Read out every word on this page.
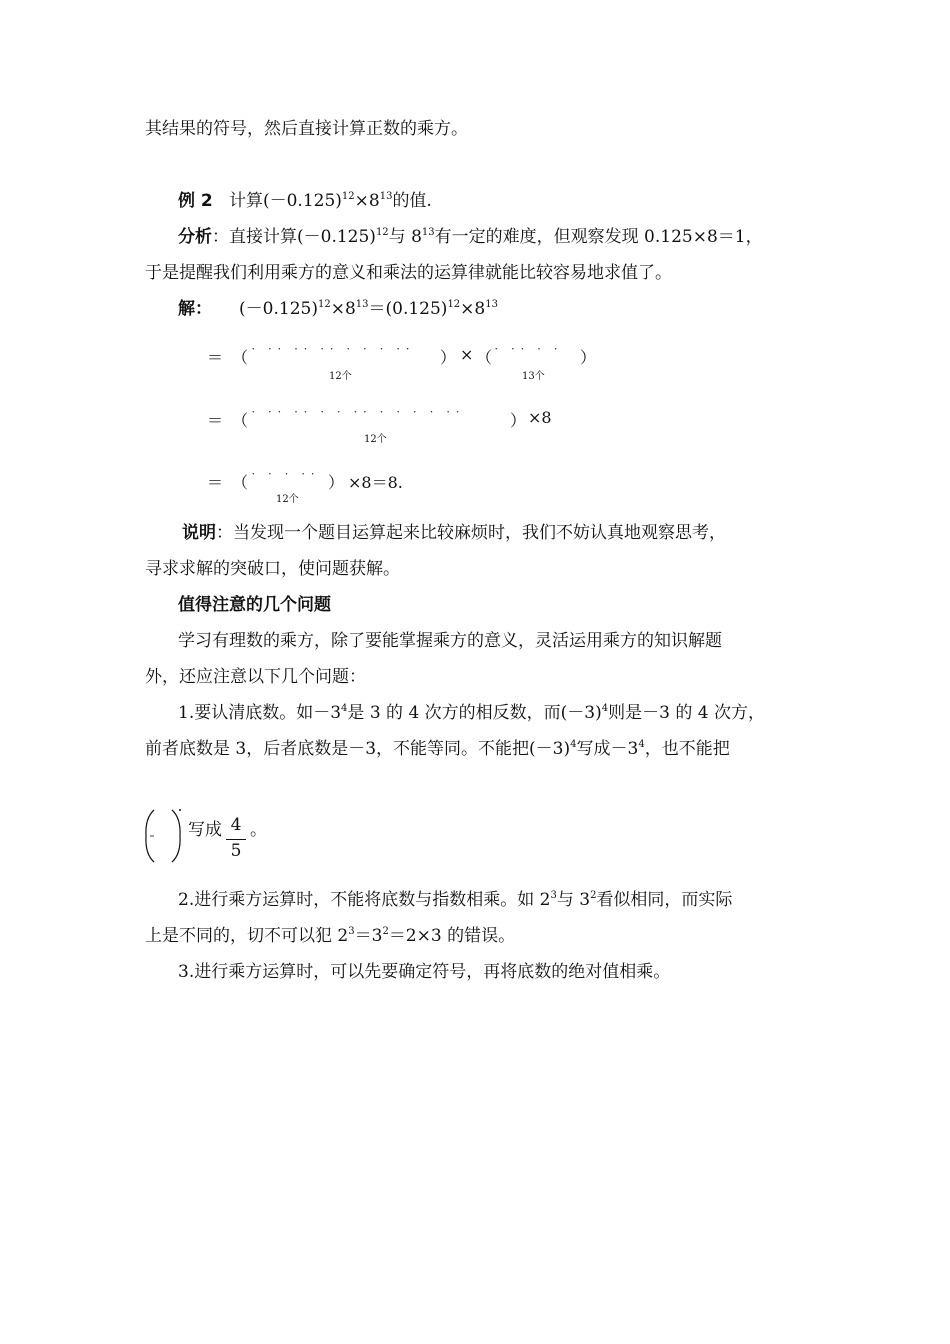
其结果的符号，然后直接计算正数的乘方。
例 2 计算$(-0.125)^{12}\times 8^{13}$的值.
分析：直接计算$(-0.125)^{12}$与 $8^{13}$有一定的难度，但观察发现 0.125×8＝1，
于是提醒我们利用乘方的意义和乘法的运算律就能比较容易地求值了。
解： $(-0.125)^{12}\times 8^{13}=(0.125)^{12}\times 8^{13}$
＝ （ ˙ ˙˙ ˙˙ ˙˙ ˙ ˙ ˙ ˙˙ ） × （ ˙ ˙˙ ˙ ˙ ）
12个	13个
＝ （ ˙ ˙˙ ˙˙ ˙ ˙ ˙˙ ˙ ˙ ˙ ˙ ˙˙	） ×8
12个
＝ （ ˙ ˙ ˙ ˙˙ ） ×8＝8.
12个
说明：当发现一个题目运算起来比较麻烦时，我们不妨认真地观察思考，
寻求求解的突破口，使问题获解。
值得注意的几个问题
学习有理数的乘方，除了要能掌握乘方的意义，灵活运用乘方的知识解题
外，还应注意以下几个问题：
1.要认清底数。如$-3^4$是 3 的 4 次方的相反数，而$(-3)^4$则是－3 的 4 次方，
前者底数是 3，后者底数是－3，不能等同。不能把$(-3)^4$写成$-3^4$，也不能把
写成 4
5
。
2.进行乘方运算时，不能将底数与指数相乘。如 $2^3$与 $3^2$看似相同，而实际
上是不同的，切不可以犯 $2^3=3^2=2\times 3$ 的错误。
3.进行乘方运算时，可以先要确定符号，再将底数的绝对值相乘。
